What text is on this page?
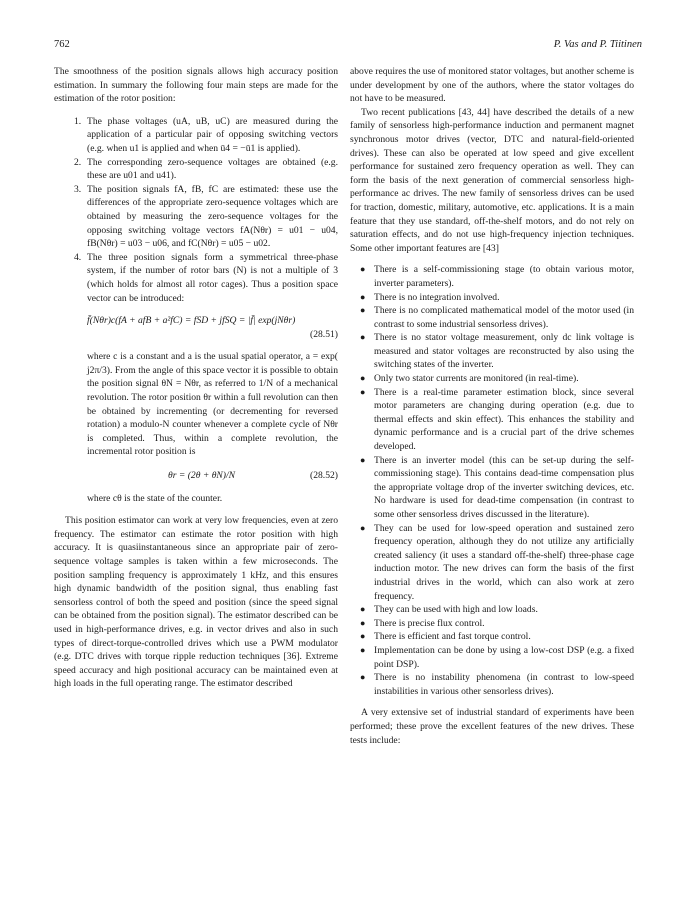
762	P. Vas and P. Tiitinen

The smoothness of the position signals allows high accuracy position estimation. In summary the following four main steps are made for the estimation of the rotor position:

1. The phase voltages (uA, uB, uC) are measured during the application of a particular pair of opposing switching vectors (e.g. when u1 is applied and when ū4 = −ū1 is applied).
2. The corresponding zero-sequence voltages are obtained (e.g. these are u01 and u41).
3. The position signals fA, fB, fC are estimated: these use the differences of the appropriate zero-sequence voltages which are obtained by measuring the zero-sequence voltages for the opposing switching voltage vectors fA(Nθr) = u01 − u04, fB(Nθr) = u03 − u06, and fC(Nθr) = u05 − u02.
4. The three position signals form a symmetrical three-phase system, if the number of rotor bars (N) is not a multiple of 3 (which holds for almost all rotor cages). Thus a position space vector can be introduced:
f̄(Nθr)c(fA + afB + a²fC) = fSD + jfSQ = |f̄| exp(jNθr)
(28.51)

where c is a constant and a is the usual spatial operator, a = exp( j2π/3). From the angle of this space vector it is possible to obtain the position signal θN = Nθr, as referred to 1/N of a mechanical revolution. The rotor position θr within a full revolution can then be obtained by incrementing (or decrementing for reversed rotation) a modulo-N counter whenever a complete cycle of Nθr is completed. Thus, within a complete revolution, the incremental rotor position is

θr = (2θ + θN)/N	(28.52)

where cθ is the state of the counter.

This position estimator can work at very low frequencies, even at zero frequency. The estimator can estimate the rotor position with high accuracy. It is quasiinstantaneous since an appropriate pair of zero-sequence voltage samples is taken within a few microseconds. The position sampling frequency is approximately 1 kHz, and this ensures high dynamic bandwidth of the position signal, thus enabling fast sensorless control of both the speed and position (since the speed signal can be obtained from the position signal). The estimator described can be used in high-performance drives, e.g. in vector drives and also in such types of direct-torque-controlled drives which use a PWM modulator (e.g. DTC drives with torque ripple reduction techniques [36]. Extreme speed accuracy and high positional accuracy can be maintained even at high loads in the full operating range. The estimator described

above requires the use of monitored stator voltages, but another scheme is under development by one of the authors, where the stator voltages do not have to be measured.

Two recent publications [43, 44] have described the details of a new family of sensorless high-performance induction and permanent magnet synchronous motor drives (vector, DTC and natural-field-oriented drives). These can also be operated at low speed and give excellent performance for sustained zero frequency operation as well. They can form the basis of the next generation of commercial sensorless high-performance ac drives. The new family of sensorless drives can be used for traction, domestic, military, automotive, etc. applications. It is a main feature that they use standard, off-the-shelf motors, and do not rely on saturation effects, and do not use high-frequency injection techniques. Some other important features are [43]

● There is a self-commissioning stage (to obtain various motor, inverter parameters).
● There is no integration involved.
● There is no complicated mathematical model of the motor used (in contrast to some industrial sensorless drives).
● There is no stator voltage measurement, only dc link voltage is measured and stator voltages are reconstructed by also using the switching states of the inverter.
● Only two stator currents are monitored (in real-time).
● There is a real-time parameter estimation block, since several motor parameters are changing during operation (e.g. due to thermal effects and skin effect). This enhances the stability and dynamic performance and is a crucial part of the drive schemes developed.
● There is an inverter model (this can be set-up during the self-commissioning stage). This contains dead-time compensation plus the appropriate voltage drop of the inverter switching devices, etc. No hardware is used for dead-time compensation (in contrast to some other sensorless drives discussed in the literature).
● They can be used for low-speed operation and sustained zero frequency operation, although they do not utilize any artificially created saliency (it uses a standard off-the-shelf) three-phase cage induction motor. The new drives can form the basis of the first industrial drives in the world, which can also work at zero frequency.
● They can be used with high and low loads.
● There is precise flux control.
● There is efficient and fast torque control.
● Implementation can be done by using a low-cost DSP (e.g. a fixed point DSP).
● There is no instability phenomena (in contrast to low-speed instabilities in various other sensorless drives).

A very extensive set of industrial standard of experiments have been performed; these prove the excellent features of the new drives. These tests include:
